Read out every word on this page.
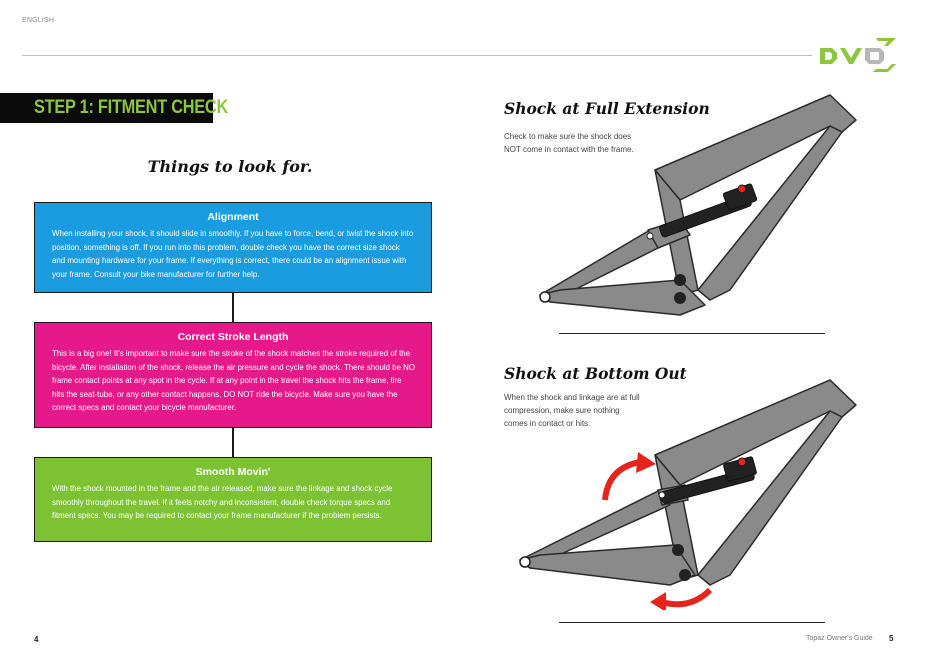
ENGLISH
STEP 1: FITMENT CHECK
Things to look for.
Alignment
When installing your shock, it should slide in smoothly. If you have to force, bend, or twist the shock into position, something is off. If you run into this problem, double check you have the correct size shock and mounting hardware for your frame. If everything is correct, there could be an alignment issue with your frame. Consult your bike manufacturer for further help.
Correct Stroke Length
This is a big one! It's important to make sure the stroke of the shock matches the stroke required of the bicycle. After installation of the shock, release the air pressure and cycle the shock. There should be NO frame contact points at any spot in the cycle. If at any point in the travel the shock hits the frame, tire hits the seat-tube, or any other contact happens, DO NOT ride the bicycle. Make sure you have the correct specs and contact your bicycle manufacturer.
Smooth Movin'
With the shock mounted in the frame and the air released, make sure the linkage and shock cycle smoothly throughout the travel. If it feels notchy and inconsistent, double check torque specs and fitment specs. You may be required to contact your frame manufacturer if the problem persists.
Shock at Full Extension
Check to make sure the shock does NOT come in contact with the frame.
Shock at Bottom Out
When the shock and linkage are at full compression, make sure nothing comes in contact or hits.
4	Topaz Owner's Guide 5
